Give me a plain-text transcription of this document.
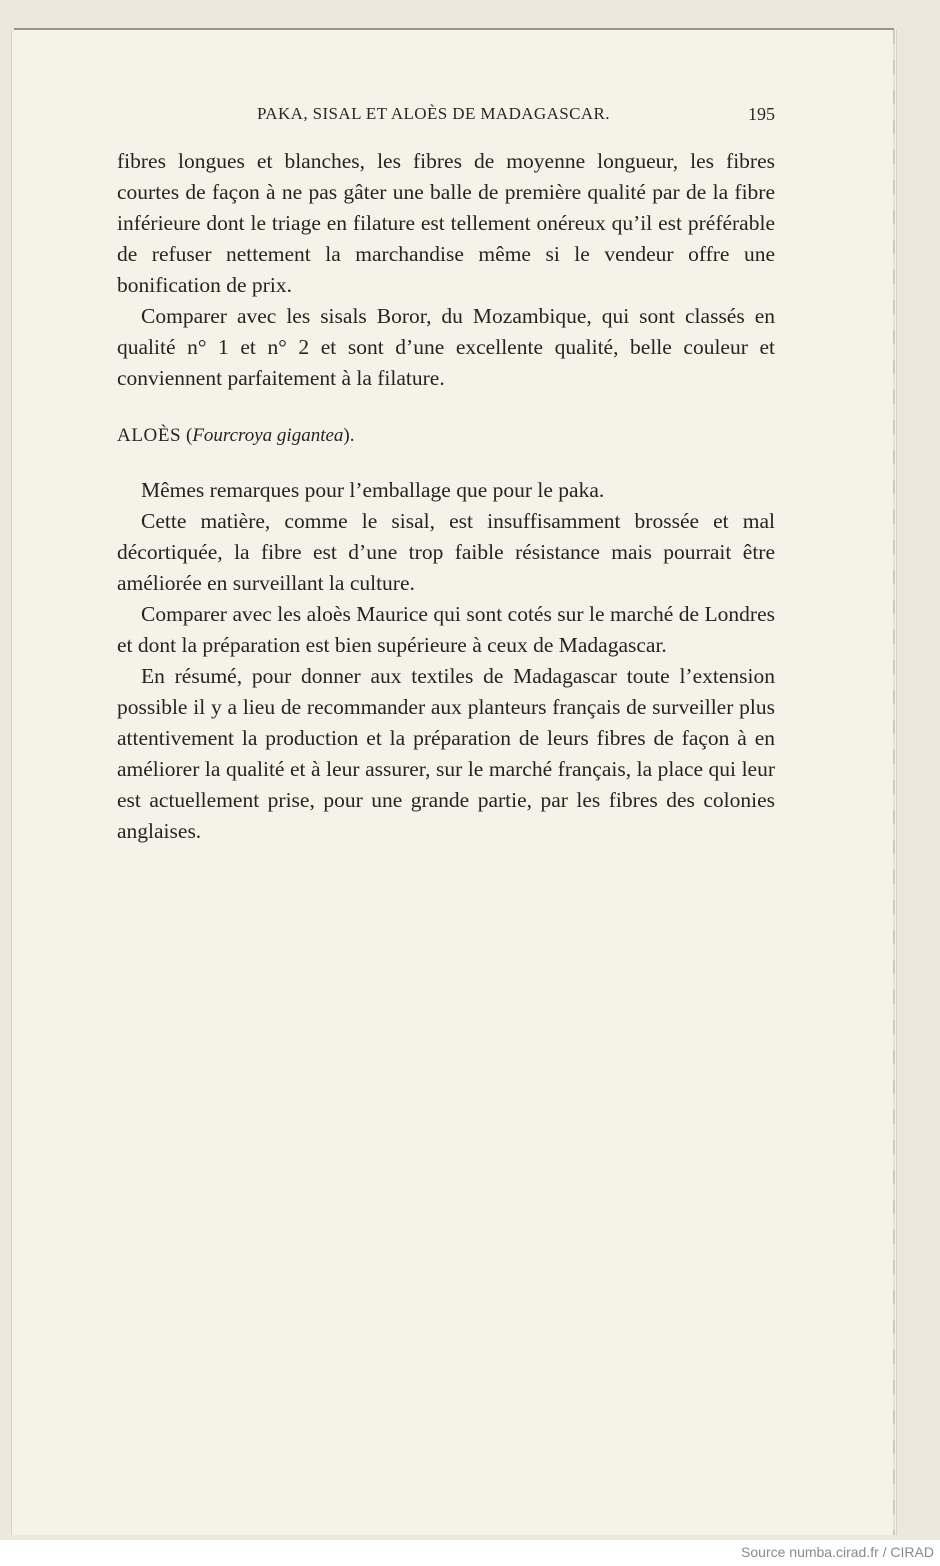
PAKA, SISAL ET ALOÈS DE MADAGASCAR.	195

fibres longues et blanches, les fibres de moyenne longueur, les fibres courtes de façon à ne pas gâter une balle de première qualité par de la fibre inférieure dont le triage en filature est tellement onéreux qu’il est préférable de refuser nettement la marchandise même si le vendeur offre une bonification de prix.

Comparer avec les sisals Boror, du Mozambique, qui sont classés en qualité n° 1 et n° 2 et sont d’une excellente qualité, belle couleur et conviennent parfaitement à la filature.

ALOÈS (Fourcroya gigantea).

Mêmes remarques pour l’emballage que pour le paka.

Cette matière, comme le sisal, est insuffisamment brossée et mal décortiquée, la fibre est d’une trop faible résistance mais pourrait être améliorée en surveillant la culture.

Comparer avec les aloès Maurice qui sont cotés sur le marché de Londres et dont la préparation est bien supérieure à ceux de Madagascar.

En résumé, pour donner aux textiles de Madagascar toute l’extension possible il y a lieu de recommander aux planteurs français de surveiller plus attentivement la production et la préparation de leurs fibres de façon à en améliorer la qualité et à leur assurer, sur le marché français, la place qui leur est actuellement prise, pour une grande partie, par les fibres des colonies anglaises.

Source numba.cirad.fr / CIRAD
